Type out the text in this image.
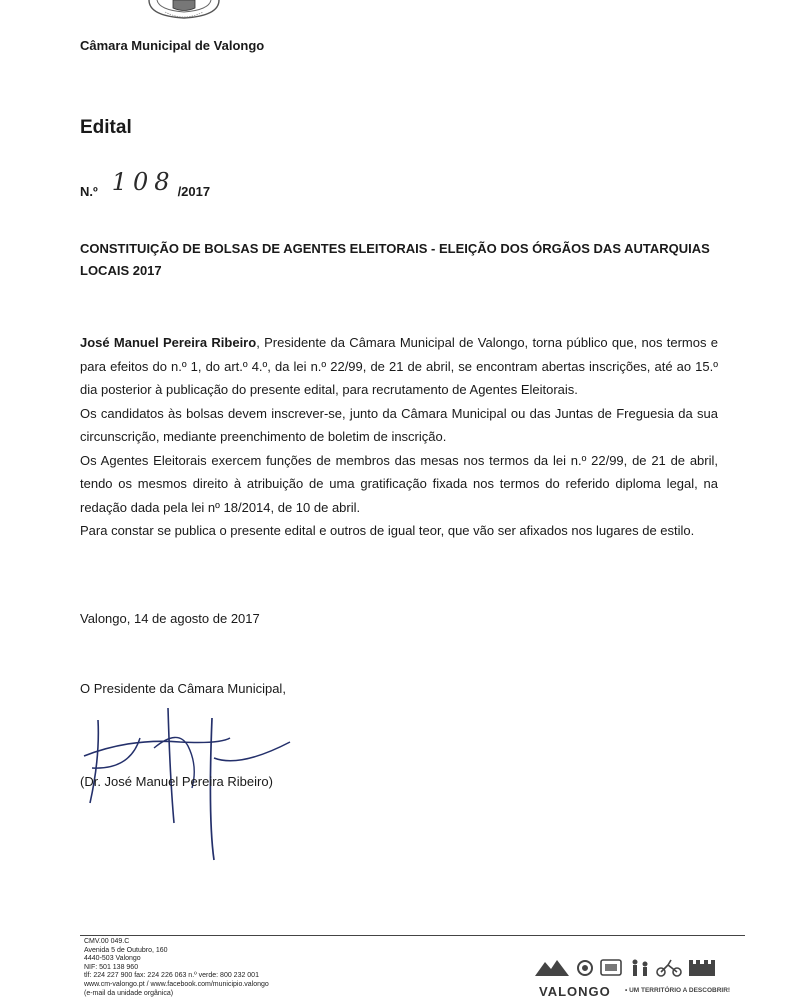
Câmara Municipal de Valongo
Edital
N.º 108 /2017
CONSTITUIÇÃO DE BOLSAS DE AGENTES ELEITORAIS - ELEIÇÃO DOS ÓRGÃOS DAS AUTARQUIAS LOCAIS 2017

José Manuel Pereira Ribeiro, Presidente da Câmara Municipal de Valongo, torna público que, nos termos e para efeitos do n.º 1, do art.º 4.º, da lei n.º 22/99, de 21 de abril, se encontram abertas inscrições, até ao 15.º dia posterior à publicação do presente edital, para recrutamento de Agentes Eleitorais.

Os candidatos às bolsas devem inscrever-se, junto da Câmara Municipal ou das Juntas de Freguesia da sua circunscrição, mediante preenchimento de boletim de inscrição.

Os Agentes Eleitorais exercem funções de membros das mesas nos termos da lei n.º 22/99, de 21 de abril, tendo os mesmos direito à atribuição de uma gratificação fixada nos termos do referido diploma legal, na redação dada pela lei nº 18/2014, de 10 de abril.

Para constar se publica o presente edital e outros de igual teor, que vão ser afixados nos lugares de estilo.

Valongo, 14 de agosto de 2017
O Presidente da Câmara Municipal,
(Dr. José Manuel Pereira Ribeiro)
CMV.00 049.C
Avenida 5 de Outubro, 160
4440-503 Valongo
NIF: 501 138 960
tlf: 224 227 900 fax: 224 226 063 n.º verde: 800 232 001
www.cm-valongo.pt / www.facebook.com/municipio.valongo
(e-mail da unidade orgânica)	VALONGO • UM TERRITÓRIO A DESCOBRIR!
